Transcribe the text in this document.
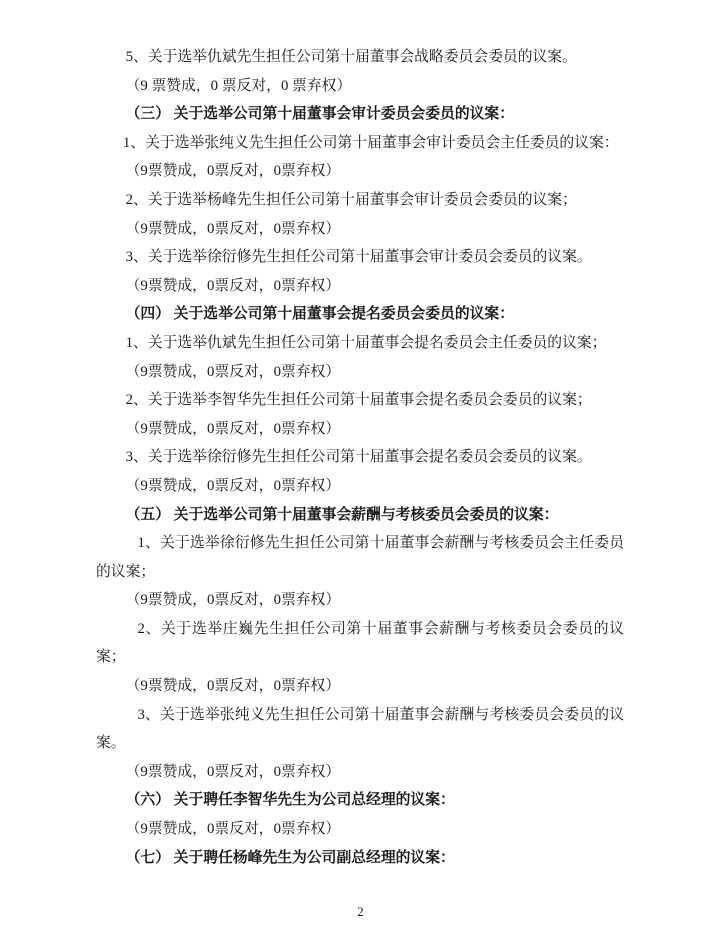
5、关于选举仇斌先生担任公司第十届董事会战略委员会委员的议案。

（9 票赞成，0 票反对，0 票弃权）

（三） 关于选举公司第十届董事会审计委员会委员的议案：

1、关于选举张纯义先生担任公司第十届董事会审计委员会主任委员的议案：

（9票赞成，0票反对，0票弃权）

2、关于选举杨峰先生担任公司第十届董事会审计委员会委员的议案；

（9票赞成，0票反对，0票弃权）

3、关于选举徐衍修先生担任公司第十届董事会审计委员会委员的议案。

（9票赞成，0票反对，0票弃权）

（四） 关于选举公司第十届董事会提名委员会委员的议案：

1、关于选举仇斌先生担任公司第十届董事会提名委员会主任委员的议案；

（9票赞成，0票反对，0票弃权）

2、关于选举李智华先生担任公司第十届董事会提名委员会委员的议案；

（9票赞成，0票反对，0票弃权）

3、关于选举徐衍修先生担任公司第十届董事会提名委员会委员的议案。

（9票赞成，0票反对，0票弃权）

（五） 关于选举公司第十届董事会薪酬与考核委员会委员的议案：

1、关于选举徐衍修先生担任公司第十届董事会薪酬与考核委员会主任委员的议案；

（9票赞成，0票反对，0票弃权）

2、关于选举庄巍先生担任公司第十届董事会薪酬与考核委员会委员的议案；

（9票赞成，0票反对，0票弃权）

3、关于选举张纯义先生担任公司第十届董事会薪酬与考核委员会委员的议案。

（9票赞成，0票反对，0票弃权）

（六） 关于聘任李智华先生为公司总经理的议案：

（9票赞成，0票反对，0票弃权）

（七） 关于聘任杨峰先生为公司副总经理的议案：

2
